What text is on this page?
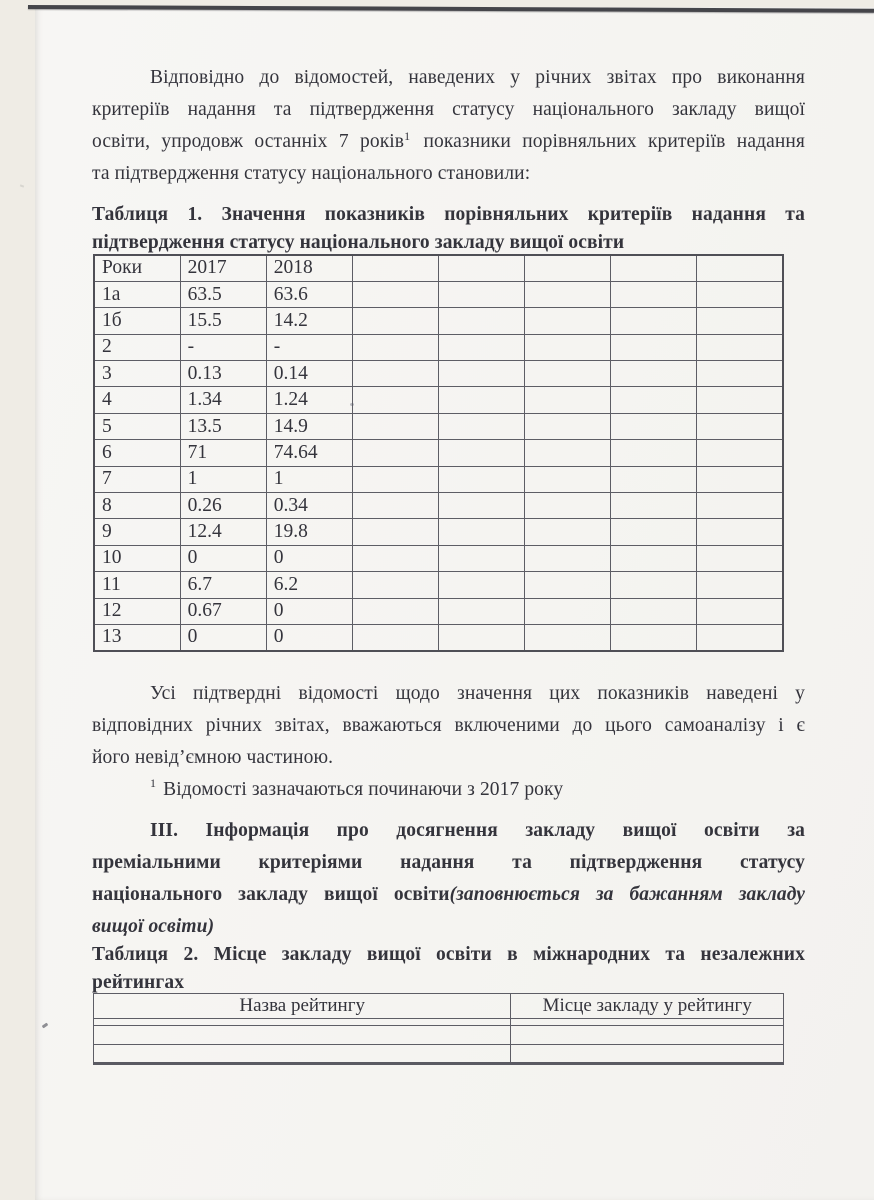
Відповідно до відомостей, наведених у річних звітах про виконання
критеріїв надання та підтвердження статусу національного закладу вищої
освіти, упродовж останніх 7 років$^1$ показники порівняльних критеріїв надання
та підтвердження статусу національного становили:
Таблиця 1. Значення показників порівняльних критеріїв надання та
підтвердження статусу національного закладу вищої освіти
Роки	2017	2018					
1а	63.5	63.6					
1б	15.5	14.2					
2	-	-					
3	0.13	0.14					
4	1.34	1.24					
5	13.5	14.9					
6	71	74.64					
7	1	1					
8	0.26	0.34					
9	12.4	19.8					
10	0	0					
11	6.7	6.2					
12	0.67	0					
13	0	0					
Усі підтвердні відомості щодо значення цих показників наведені у
відповідних річних звітах, вважаються включеними до цього самоаналізу і є
його невід’ємною частиною.
$^1$ Відомості зазначаються починаючи з 2017 року
III. Інформація про досягнення закладу вищої освіти за
преміальними критеріями надання та підтвердження статусу
національного закладу вищої освіти(заповнюється за бажанням закладу
вищої освіти)
Таблиця 2. Місце закладу вищої освіти в міжнародних та незалежних
рейтингах
Назва рейтингу	Місце закладу у рейтингу
